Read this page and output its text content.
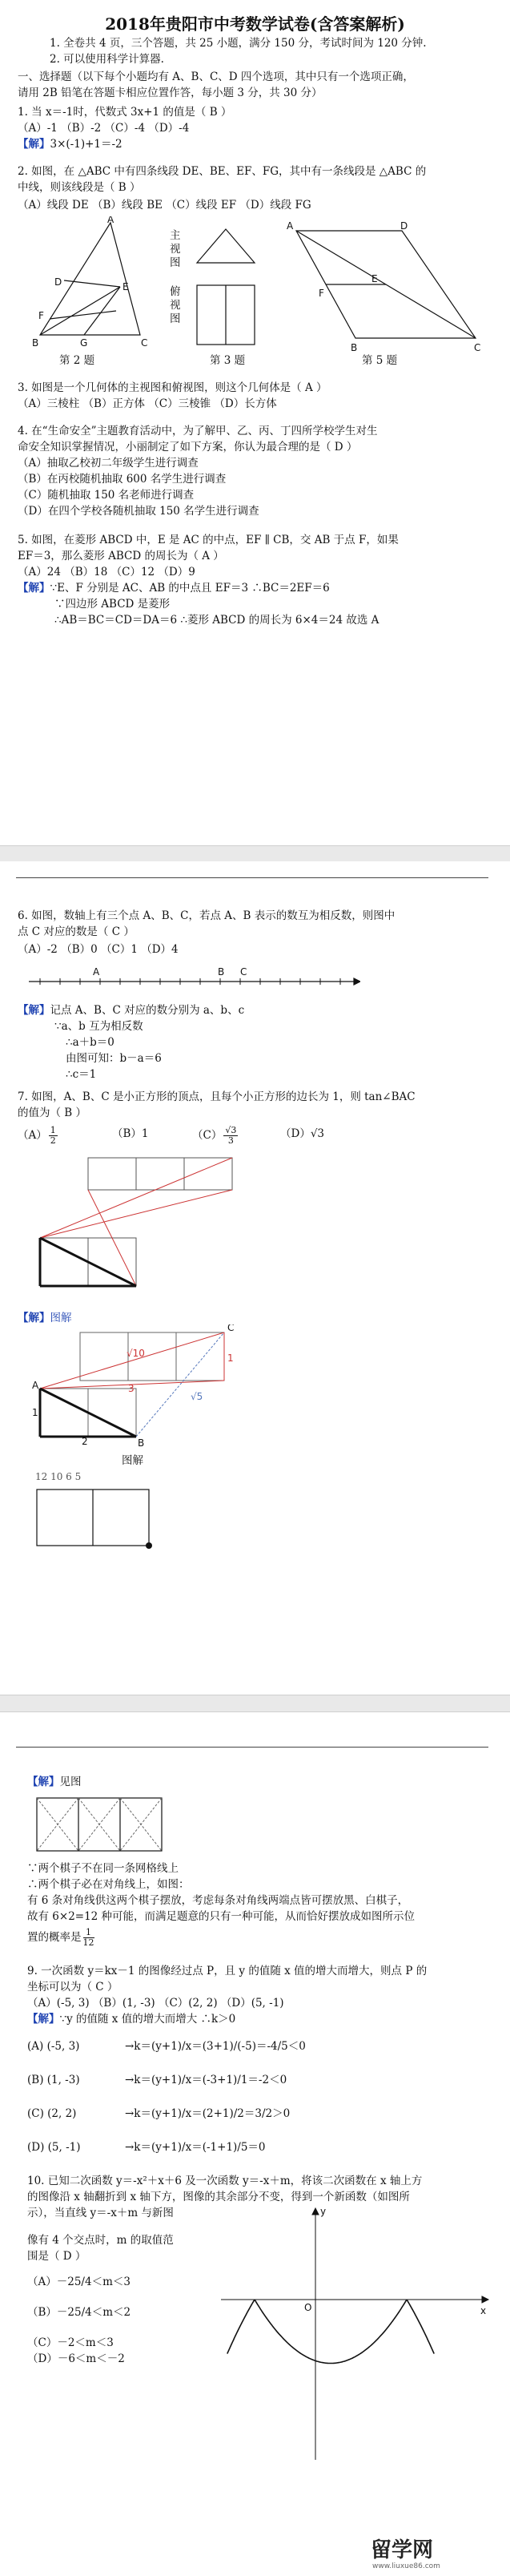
2018年贵阳市中考数学试卷(含答案解析)
1. 全卷共 4 页，三个答题，共 25 小题，满分 150 分，考试时间为 120 分钟.
2. 可以使用科学计算器.
一、选择题（以下每个小题均有 A、B、C、D 四个选项，其中只有一个选项正确，
请用 2B 铅笔在答题卡相应位置作答，每小题 3 分，共 30 分）
1. 当 x＝-1时，代数式 3x+1 的值是（ B ）
（A）-1 （B）-2 （C）-4 （D）-4
【解】3×(-1)+1＝-2
2. 如图，在 △ABC 中有四条线段 DE、BE、EF、FG，其中有一条线段是 △ABC 的
中线，则该线段是（ B ）
（A）线段 DE （B）线段 BE （C）线段 EF （D）线段 FG
A
D	E
F
B	G	C
第 2 题
主视图
俯视图
第 3 题
A	D
E
F
B	C
第 5 题
3. 如图是一个几何体的主视图和俯视图，则这个几何体是（ A ）
（A）三棱柱 （B）正方体 （C）三棱锥 （D）长方体
4. 在“生命安全”主题教育活动中，为了解甲、乙、丙、丁四所学校学生对生
命安全知识掌握情况，小丽制定了如下方案，你认为最合理的是（ D ）
（A）抽取乙校初二年级学生进行调查
（B）在丙校随机抽取 600 名学生进行调查
（C）随机抽取 150 名老师进行调查
（D）在四个学校各随机抽取 150 名学生进行调查
5. 如图，在菱形 ABCD 中，E 是 AC 的中点，EF ∥ CB，交 AB 于点 F，如果
EF＝3，那么菱形 ABCD 的周长为（ A ）
（A）24 （B）18 （C）12 （D）9
【解】∵E、F 分别是 AC、AB 的中点且 EF＝3 ∴BC＝2EF＝6
∵四边形 ABCD 是菱形
∴AB＝BC＝CD＝DA＝6 ∴菱形 ABCD 的周长为 6×4＝24 故选 A
6. 如图，数轴上有三个点 A、B、C，若点 A、B 表示的数互为相反数，则图中
点 C 对应的数是（ C ）
（A）-2 （B）0 （C）1 （D）4
A	B C
【解】记点 A、B、C 对应的数分别为 a、b、c
∵a、b 互为相反数
∴a＋b＝0
由图可知：b－a＝6
∴c＝1
7. 如图，A、B、C 是小正方形的顶点，且每个小正方形的边长为 1，则 tan∠BAC
的值为（ B ）
$(A) \frac{1}{2}$	（B）1	$(C) \frac{√3}{3}$	（D）√3
【解】图解
A
B
C
1
2
3
1
√10
√5
图解
12 10 6 5
【解】见图
∵两个棋子不在同一条网格线上
∴两个棋子必在对角线上，如图：
有 6 条对角线供这两个棋子摆放，考虑每条对角线两端点皆可摆放黑、白棋子，
故有 6×2=12 种可能，而满足题意的只有一种可能，从而恰好摆放成如图所示位
置的概率是 $\frac{1}{12}$
9. 一次函数 y＝kx－1 的图像经过点 P，且 y 的值随 x 值的增大而增大，则点 P 的
坐标可以为（ C ）
（A）(-5, 3) （B）(1, -3) （C）(2, 2) （D）(5, -1)
【解】∵y 的值随 x 值的增大而增大 ∴k＞0
(A) (-5, 3)	→k＝(y+1)/x＝(3+1)/(-5)＝-4/5＜0
(B) (1, -3)	→k＝(y+1)/x＝(-3+1)/1＝-2＜0
(C) (2, 2)	→k＝(y+1)/x＝(2+1)/2＝3/2＞0
(D) (5, -1)	→k＝(y+1)/x＝(-1+1)/5＝0
10. 已知二次函数 y＝-x²＋x＋6 及一次函数 y＝-x＋m，将该二次函数在 x 轴上方
的图像沿 x 轴翻折到 x 轴下方，图像的其余部分不变，得到一个新函数（如图所
示），当直线 y＝-x＋m 与新图
像有 4 个交点时，m 的取值范
围是（ D ）
（A）－25/4＜m＜3
（B）－25/4＜m＜2
（C）－2＜m＜3
（D）－6＜m＜－2
y
O	x
留学网
www.liuxue86.com
